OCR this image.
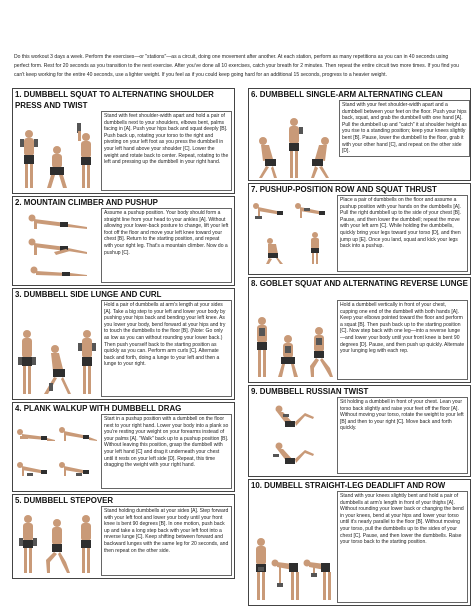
Do this workout 3 days a week. Perform the exercises—or "stations"—as a circuit, doing one movement after another. At each station, perform as many repetitions as you can in 40 seconds using perfect form. Rest for 20 seconds as you transition to the next exercise. After you've done all 10 exercises, catch your breath for 2 minutes. Then repeat the entire circuit two more times. If you find you can't keep working for the entire 40 seconds, use a lighter weight. If you feel as if you could keep going hard for an additional 15 seconds, progress to a heavier weight.
1. DUMBBELL SQUAT TO ALTERNATING SHOULDER PRESS AND TWIST
Stand with feet shoulder-width apart and hold a pair of dumbbells next to your shoulders, elbows bent, palms facing in [A]. Push your hips back and squat deeply [B]. Push back up, rotating your torso to the right and pivoting on your left foot as you press the dumbbell in your left hand above your shoulder [C]. Lower the weight and rotate back to center. Repeat, rotating to the left and pressing up the dumbbell in your right hand.
2. MOUNTAIN CLIMBER AND PUSHUP
Assume a pushup position. Your body should form a straight line from your head to your ankles [A]. Without allowing your lower-back posture to change, lift your left foot off the floor and move your left knee toward your chest [B]. Return to the starting position, and repeat with your right leg. That's a mountain climber. Now do a pushup [C].
3. DUMBBELL SIDE LUNGE AND CURL
Hold a pair of dumbbells at arm's length at your sides [A]. Take a big step to your left and lower your body by pushing your hips back and bending your left knee. As you lower your body, bend forward at your hips and try to touch the dumbbells to the floor [B]. (Note: Go only as low as you can without rounding your lower back.) Then push yourself back to the starting position as quickly as you can. Perform arm curls [C]. Alternate back and forth, doing a lunge to your left and then a lunge to your right.
4. PLANK WALKUP WITH DUMBBELL DRAG
Start in a pushup position with a dumbbell on the floor next to your right hand. Lower your body into a plank so you're resting your weight on your forearms instead of your palms [A]. "Walk" back up to a pushup position [B]. Without leaving this position, grasp the dumbbell with your left hand [C] and drag it underneath your chest until it rests on your left side [D]. Repeat, this time dragging the weight with your right hand.
5. DUMBBELL STEPOVER
Stand holding dumbbells at your sides [A]. Step forward with your left foot and lower your body until your front knee is bent 90 degrees [B]. In one motion, push back up and take a long step back with your left foot into a reverse lunge [C]. Keep shifting between forward and backward lunges with the same leg for 20 seconds, and then repeat on the other side.
6. DUMBBELL SINGLE-ARM ALTERNATING CLEAN
Stand with your feet shoulder-width apart and a dumbbell between your feet on the floor. Push your hips back, squat, and grab the dumbbell with one hand [A]. Pull the dumbbell up and "catch" it at shoulder height as you rise to a standing position; keep your knees slightly bent [B]. Pause, lower the dumbbell to the floor, grab it with your other hand [C], and repeat on the other side [D].
7. PUSHUP-POSITION ROW AND SQUAT THRUST
Place a pair of dumbbells on the floor and assume a pushup position with your hands on the dumbbells [A]. Pull the right dumbbell up to the side of your chest [B]. Pause, and then lower the dumbbell; repeat the move with your left arm [C]. While holding the dumbbells, quickly bring your legs toward your torso [D], and then jump up [E]. Once you land, squat and kick your legs back into a pushup.
8. GOBLET SQUAT AND ALTERNATING REVERSE LUNGE
Hold a dumbbell vertically in front of your chest, cupping one end of the dumbbell with both hands [A]. Keep your elbows pointed toward the floor and perform a squat [B]. Then push back up to the starting position [C]. Now step back with one leg—into a reverse lunge—and lower your body until your front knee is bent 90 degrees [D]. Pause, and then push up quickly. Alternate your lunging leg with each rep.
9. DUMBBELL RUSSIAN TWIST
Sit holding a dumbbell in front of your chest. Lean your torso back slightly and raise your feet off the floor [A]. Without moving your torso, rotate the weight to your left [B] and then to your right [C]. Move back and forth quickly.
10. DUMBELL STRAIGHT-LEG DEADLIFT AND ROW
Stand with your knees slightly bent and hold a pair of dumbbells at arm's length in front of your thighs [A]. Without rounding your lower back or changing the bend in your knees, bend at your hips and lower your torso until it's nearly parallel to the floor [B]. Without moving your torso, pull the dumbbells up to the sides of your chest [C]. Pause, and then lower the dumbbells. Raise your torso back to the starting position.
